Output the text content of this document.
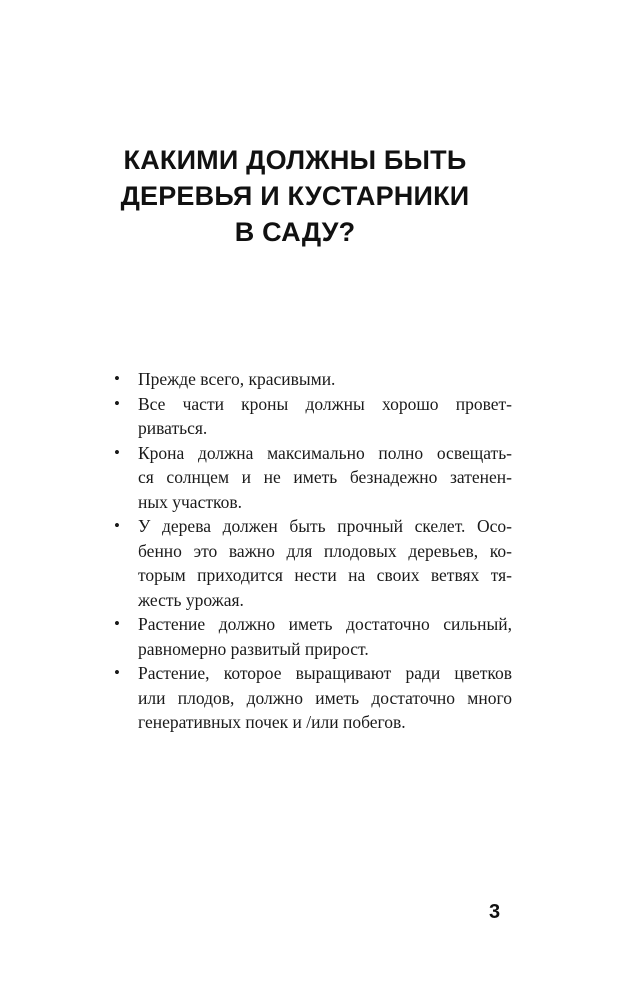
КАКИМИ ДОЛЖНЫ БЫТЬ
ДЕРЕВЬЯ И КУСТАРНИКИ
В САДУ?
• Прежде всего, красивыми.
• Все части кроны должны хорошо провет-
риваться.
• Крона должна максимально полно освещать-
ся солнцем и не иметь безнадежно затенен-
ных участков.
• У дерева должен быть прочный скелет. Осо-
бенно это важно для плодовых деревьев, ко-
торым приходится нести на своих ветвях тя-
жесть урожая.
• Растение должно иметь достаточно сильный,
равномерно развитый прирост.
• Растение, которое выращивают ради цветков
или плодов, должно иметь достаточно много
генеративных почек и /или побегов.
3
